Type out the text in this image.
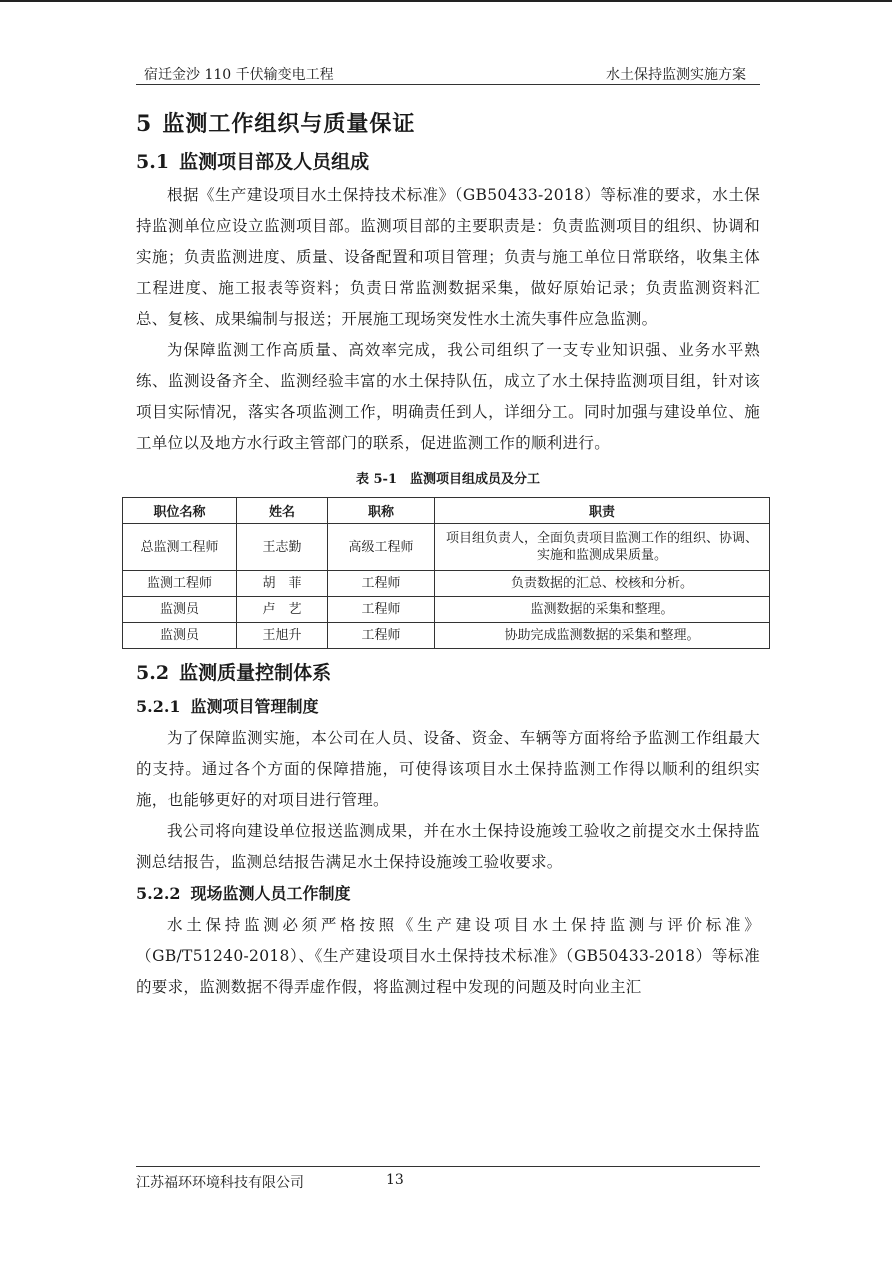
宿迁金沙 110 千伏输变电工程	水土保持监测实施方案
5 监测工作组织与质量保证
5.1 监测项目部及人员组成

根据《生产建设项目水土保持技术标准》（GB50433-2018）等标准的要求，水土保持监测单位应设立监测项目部。监测项目部的主要职责是：负责监测项目的组织、协调和实施；负责监测进度、质量、设备配置和项目管理；负责与施工单位日常联络，收集主体工程进度、施工报表等资料；负责日常监测数据采集，做好原始记录；负责监测资料汇总、复核、成果编制与报送；开展施工现场突发性水土流失事件应急监测。

为保障监测工作高质量、高效率完成，我公司组织了一支专业知识强、业务水平熟练、监测设备齐全、监测经验丰富的水土保持队伍，成立了水土保持监测项目组，针对该项目实际情况，落实各项监测工作，明确责任到人，详细分工。同时加强与建设单位、施工单位以及地方水行政主管部门的联系，促进监测工作的顺利进行。

表 5-1　监测项目组成员及分工
职位名称	姓名	职称	职责
总监测工程师	王志勤	高级工程师	项目组负责人，全面负责项目监测工作的组织、协调、实施和监测成果质量。
监测工程师	胡　菲	工程师	负责数据的汇总、校核和分析。
监测员	卢　艺	工程师	监测数据的采集和整理。
监测员	王旭升	工程师	协助完成监测数据的采集和整理。
5.2 监测质量控制体系
5.2.1 监测项目管理制度

为了保障监测实施，本公司在人员、设备、资金、车辆等方面将给予监测工作组最大的支持。通过各个方面的保障措施，可使得该项目水土保持监测工作得以顺利的组织实施，也能够更好的对项目进行管理。

我公司将向建设单位报送监测成果，并在水土保持设施竣工验收之前提交水土保持监测总结报告，监测总结报告满足水土保持设施竣工验收要求。

5.2.2 现场监测人员工作制度

水土保持监测必须严格按照《生产建设项目水土保持监测与评价标准》（GB/T51240-2018）、《生产建设项目水土保持技术标准》（GB50433-2018）等标准的要求，监测数据不得弄虚作假，将监测过程中发现的问题及时向业主汇

江苏福环环境科技有限公司	13
